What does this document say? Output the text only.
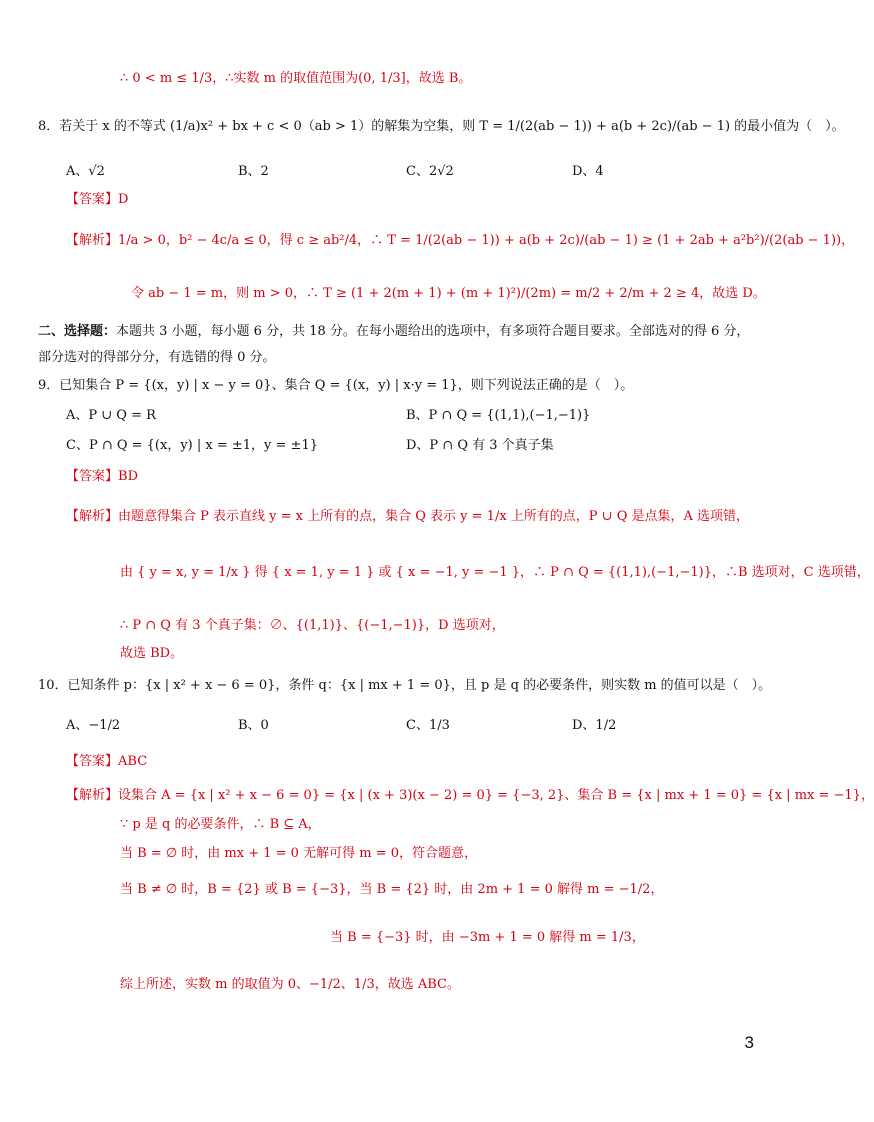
∴ 0 < m ≤ 1/3，∴实数 m 的取值范围为(0, 1/3]，故选 B。
8．若关于 x 的不等式 (1/a)x² + bx + c < 0（ab > 1）的解集为空集，则 T = 1/(2(ab − 1)) + a(b + 2c)/(ab − 1) 的最小值为（　）。
A、√2	B、2	C、2√2	D、4
【答案】D
【解析】1/a > 0，b² − 4c/a ≤ 0，得 c ≥ ab²/4，∴ T = 1/(2(ab − 1)) + a(b + 2c)/(ab − 1) ≥ (1 + 2ab + a²b²)/(2(ab − 1))，
令 ab − 1 = m，则 m > 0，∴ T ≥ (1 + 2(m + 1) + (m + 1)²)/(2m) = m/2 + 2/m + 2 ≥ 4，故选 D。
二、选择题：本题共 3 小题，每小题 6 分，共 18 分。在每小题给出的选项中，有多项符合题目要求。全部选对的得 6 分，
部分选对的得部分分，有选错的得 0 分。
9．已知集合 P = {(x，y) | x − y = 0}、集合 Q = {(x，y) | x·y = 1}，则下列说法正确的是（　）。
A、P ∪ Q = R	B、P ∩ Q = {(1,1),(−1,−1)}
C、P ∩ Q = {(x，y) | x = ±1，y = ±1}	D、P ∩ Q 有 3 个真子集
【答案】BD
【解析】由题意得集合 P 表示直线 y = x 上所有的点，集合 Q 表示 y = 1/x 上所有的点，P ∪ Q 是点集，A 选项错，
由 { y = x, y = 1/x } 得 { x = 1, y = 1 } 或 { x = −1, y = −1 }，∴ P ∩ Q = {(1,1),(−1,−1)}，∴B 选项对，C 选项错，
∴ P ∩ Q 有 3 个真子集：∅、{(1,1)}、{(−1,−1)}，D 选项对，
故选 BD。
10．已知条件 p：{x | x² + x − 6 = 0}，条件 q：{x | mx + 1 = 0}，且 p 是 q 的必要条件，则实数 m 的值可以是（　）。
A、−1/2	B、0	C、1/3	D、1/2
【答案】ABC
【解析】设集合 A = {x | x² + x − 6 = 0} = {x | (x + 3)(x − 2) = 0} = {−3, 2}、集合 B = {x | mx + 1 = 0} = {x | mx = −1}，
∵ p 是 q 的必要条件，∴ B ⊆ A，
当 B = ∅ 时，由 mx + 1 = 0 无解可得 m = 0，符合题意，
当 B ≠ ∅ 时，B = {2} 或 B = {−3}，当 B = {2} 时，由 2m + 1 = 0 解得 m = −1/2，
当 B = {−3} 时，由 −3m + 1 = 0 解得 m = 1/3，
综上所述，实数 m 的取值为 0、−1/2、1/3，故选 ABC。
3
